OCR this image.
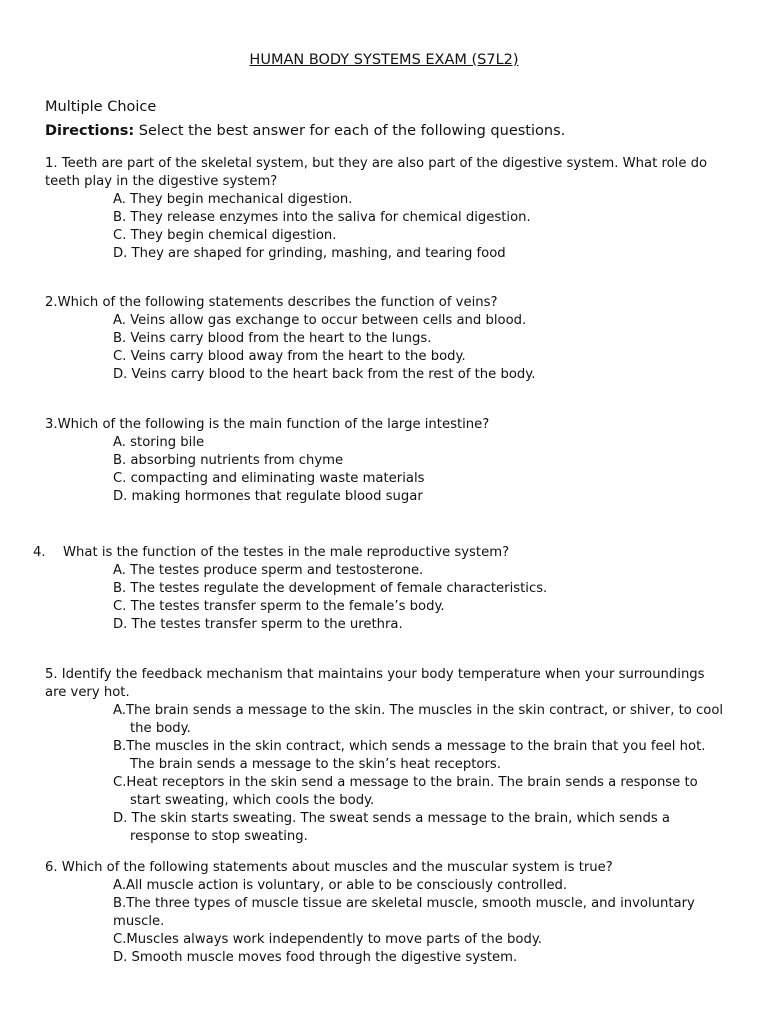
HUMAN BODY SYSTEMS EXAM (S7L2)
Multiple Choice
Directions: Select the best answer for each of the following questions.
1. Teeth are part of the skeletal system, but they are also part of the digestive system. What role do teeth play in the digestive system?
A. They begin mechanical digestion.
B. They release enzymes into the saliva for chemical digestion.
C. They begin chemical digestion.
D. They are shaped for grinding, mashing, and tearing food
2.Which of the following statements describes the function of veins?
A. Veins allow gas exchange to occur between cells and blood.
B. Veins carry blood from the heart to the lungs.
C. Veins carry blood away from the heart to the body.
D. Veins carry blood to the heart back from the rest of the body.
3.Which of the following is the main function of the large intestine?
A. storing bile
B. absorbing nutrients from chyme
C. compacting and eliminating waste materials
D. making hormones that regulate blood sugar
4.	What is the function of the testes in the male reproductive system?
A. The testes produce sperm and testosterone.
B. The testes regulate the development of female characteristics.
C. The testes transfer sperm to the female’s body.
D. The testes transfer sperm to the urethra.
5. Identify the feedback mechanism that maintains your body temperature when your surroundings are very hot.
A.The brain sends a message to the skin. The muscles in the skin contract, or shiver, to cool the body.
B.The muscles in the skin contract, which sends a message to the brain that you feel hot. The brain sends a message to the skin’s heat receptors.
C.Heat receptors in the skin send a message to the brain. The brain sends a response to start sweating, which cools the body.
D. The skin starts sweating. The sweat sends a message to the brain, which sends a response to stop sweating.
6. Which of the following statements about muscles and the muscular system is true?
A.All muscle action is voluntary, or able to be consciously controlled.
B.The three types of muscle tissue are skeletal muscle, smooth muscle, and involuntary muscle.
C.Muscles always work independently to move parts of the body.
D. Smooth muscle moves food through the digestive system.
